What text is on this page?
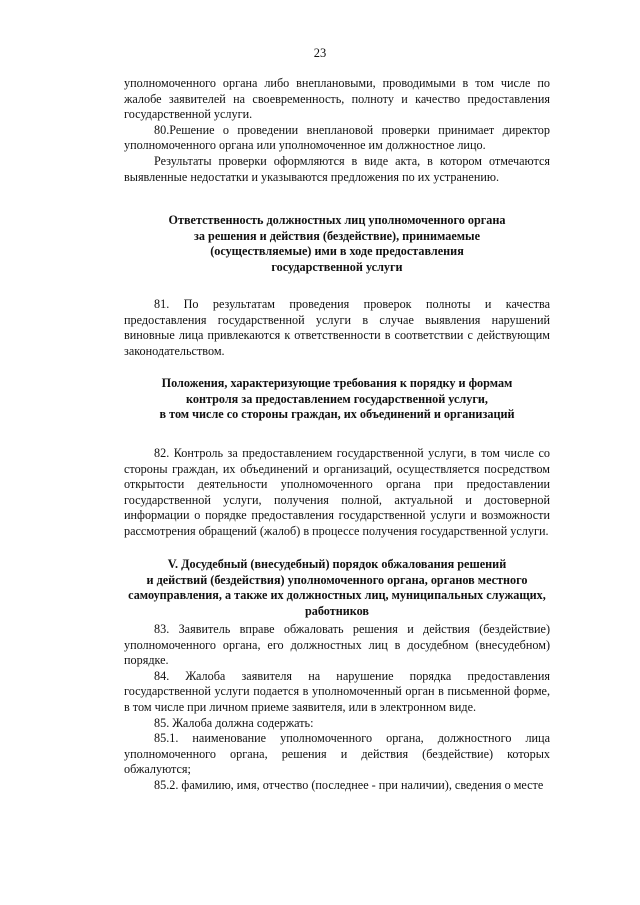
23

уполномоченного органа либо внеплановыми, проводимыми в том числе по
жалобе заявителей на своевременность, полноту и качество предоставления
государственной услуги.

80.Решение о проведении внеплановой проверки принимает директор уполномоченного органа или уполномоченное им должностное лицо.

Результаты проверки оформляются в виде акта, в котором отмечаются выявленные недостатки и указываются предложения по их устранению.

Ответственность должностных лиц уполномоченного органа
за решения и действия (бездействие), принимаемые
(осуществляемые) ими в ходе предоставления
государственной услуги

81. По результатам проведения проверок полноты и качества предоставления государственной услуги в случае выявления нарушений виновные лица привлекаются к ответственности в соответствии с действующим законодательством.

Положения, характеризующие требования к порядку и формам
контроля за предоставлением государственной услуги,
в том числе со стороны граждан, их объединений и организаций

82. Контроль за предоставлением государственной услуги, в том числе со стороны граждан, их объединений и организаций, осуществляется посредством открытости деятельности уполномоченного органа при предоставлении государственной услуги, получения полной, актуальной и достоверной информации о порядке предоставления государственной услуги и возможности рассмотрения обращений (жалоб) в процессе получения государственной услуги.

V. Досудебный (внесудебный) порядок обжалования решений
и действий (бездействия) уполномоченного органа, органов местного
самоуправления, а также их должностных лиц, муниципальных служащих,
работников

83. Заявитель вправе обжаловать решения и действия (бездействие) уполномоченного органа, его должностных лиц в досудебном (внесудебном) порядке.

84. Жалоба заявителя на нарушение порядка предоставления государственной услуги подается в уполномоченный орган в письменной форме, в том числе при личном приеме заявителя, или в электронном виде.

85. Жалоба должна содержать:

85.1. наименование уполномоченного органа, должностного лица уполномоченного органа, решения и действия (бездействие) которых обжалуются;

85.2. фамилию, имя, отчество (последнее - при наличии), сведения о месте
